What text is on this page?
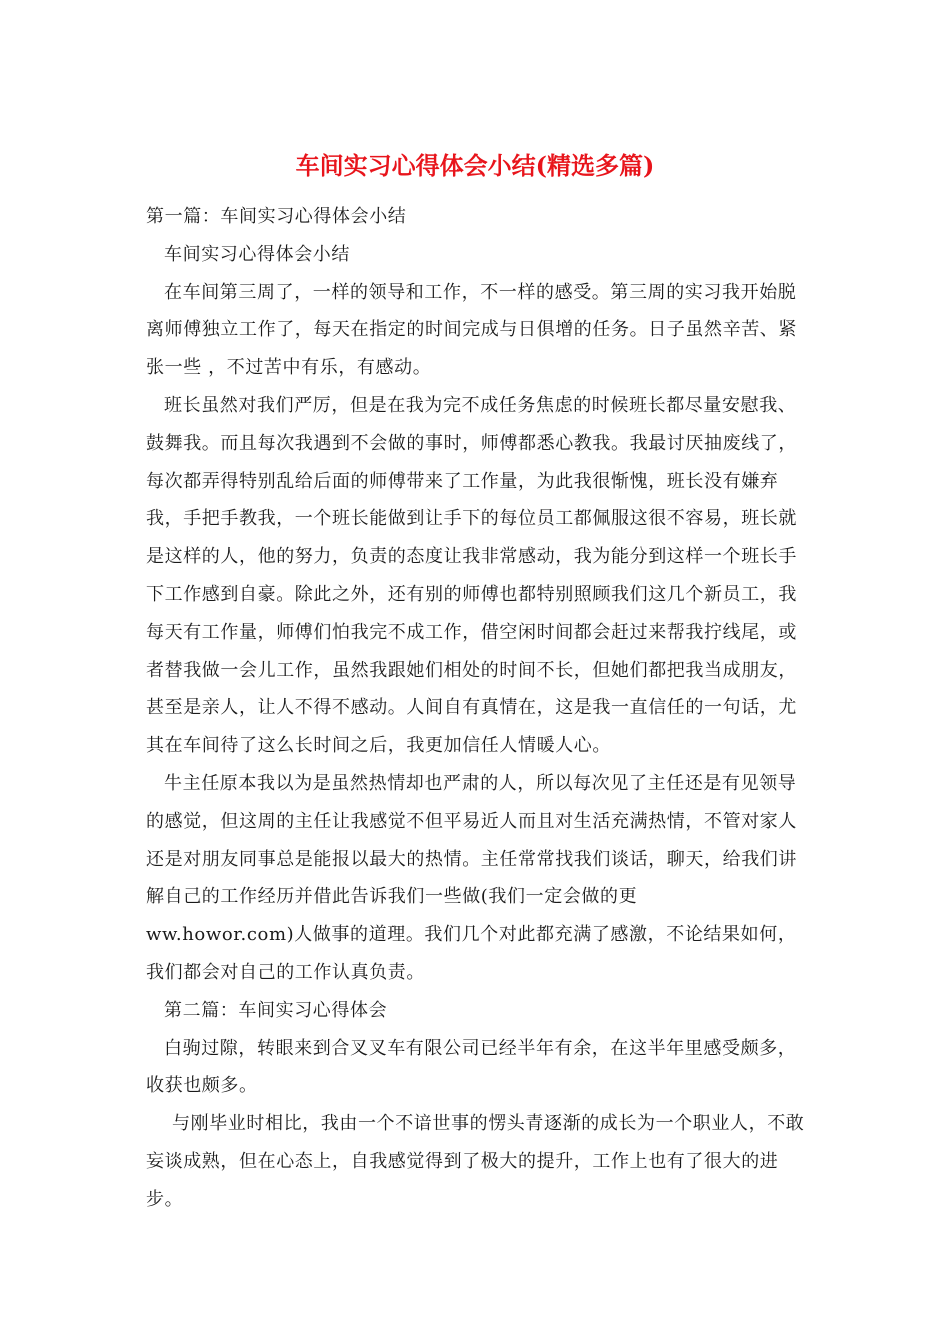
车间实习心得体会小结(精选多篇)

第一篇：车间实习心得体会小结

车间实习心得体会小结

在车间第三周了，一样的领导和工作，不一样的感受。第三周的实习我开始脱离师傅独立工作了，每天在指定的时间完成与日俱增的任务。日子虽然辛苦、紧张一些 ，不过苦中有乐，有感动。

班长虽然对我们严厉，但是在我为完不成任务焦虑的时候班长都尽量安慰我、鼓舞我。而且每次我遇到不会做的事时，师傅都悉心教我。我最讨厌抽废线了，每次都弄得特别乱给后面的师傅带来了工作量，为此我很惭愧，班长没有嫌弃我，手把手教我，一个班长能做到让手下的每位员工都佩服这很不容易，班长就是这样的人，他的努力，负责的态度让我非常感动，我为能分到这样一个班长手下工作感到自豪。除此之外，还有别的师傅也都特别照顾我们这几个新员工，我每天有工作量，师傅们怕我完不成工作，借空闲时间都会赶过来帮我拧线尾，或者替我做一会儿工作，虽然我跟她们相处的时间不长，但她们都把我当成朋友，甚至是亲人，让人不得不感动。人间自有真情在，这是我一直信任的一句话，尤其在车间待了这么长时间之后，我更加信任人情暖人心。

牛主任原本我以为是虽然热情却也严肃的人，所以每次见了主任还是有见领导的感觉，但这周的主任让我感觉不但平易近人而且对生活充满热情，不管对家人还是对朋友同事总是能报以最大的热情。主任常常找我们谈话，聊天，给我们讲解自己的工作经历并借此告诉我们一些做(我们一定会做的更

ww.howor.com)人做事的道理。我们几个对此都充满了感激，不论结果如何，我们都会对自己的工作认真负责。

第二篇：车间实习心得体会

白驹过隙，转眼来到合叉叉车有限公司已经半年有余，在这半年里感受颇多，收获也颇多。

与刚毕业时相比，我由一个不谙世事的愣头青逐渐的成长为一个职业人，不敢妄谈成熟，但在心态上，自我感觉得到了极大的提升，工作上也有了很大的进步。
